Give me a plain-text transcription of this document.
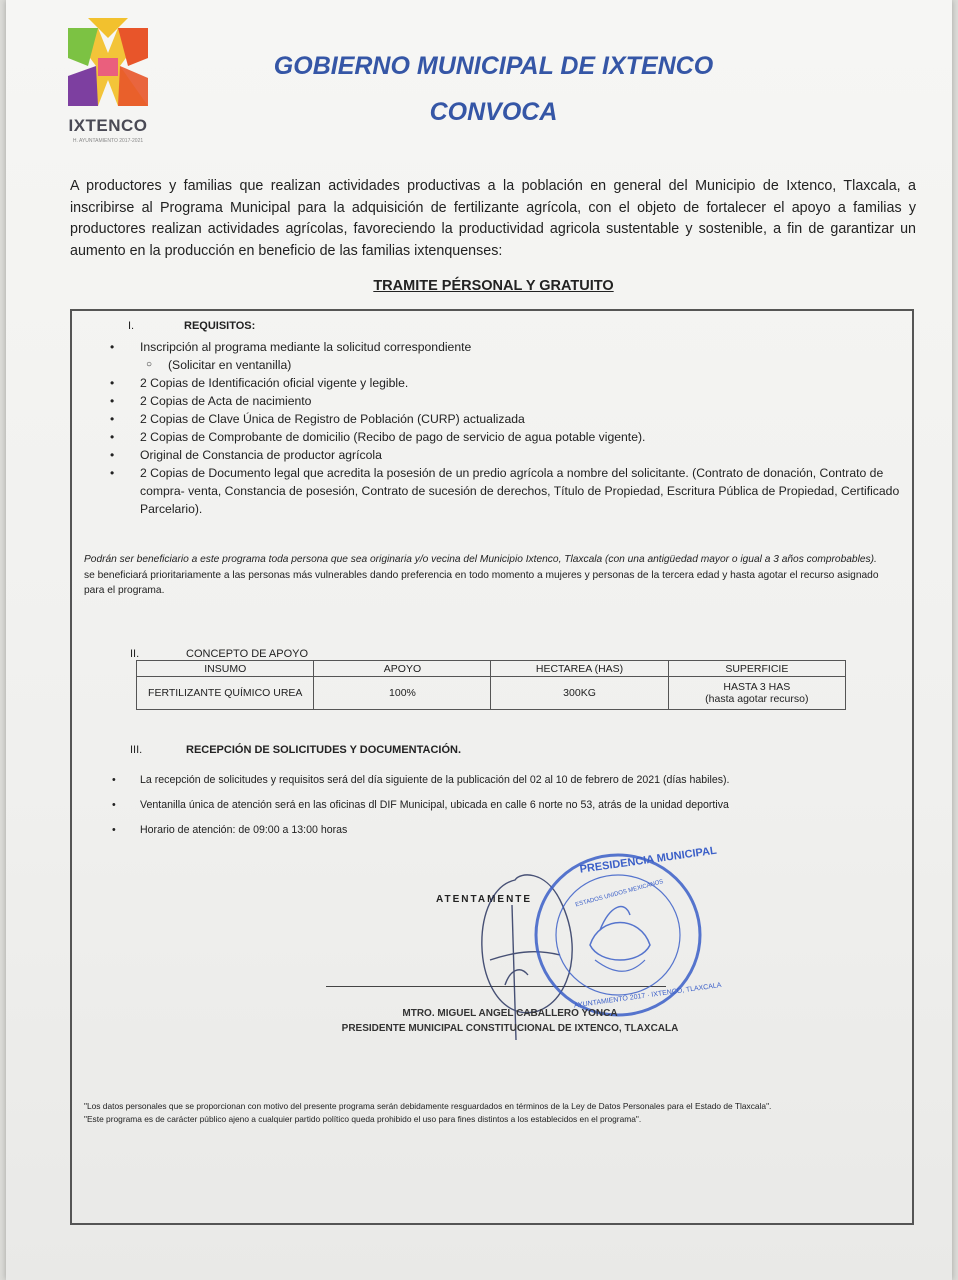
IXTENCO
H. AYUNTAMIENTO 2017-2021
GOBIERNO MUNICIPAL DE IXTENCO
CONVOCA
A productores y familias que realizan actividades productivas a la población en general del Municipio de Ixtenco, Tlaxcala, a inscribirse al Programa Municipal para la adquisición de fertilizante agrícola, con el objeto de fortalecer el apoyo a familias y productores realizan actividades agrícolas, favoreciendo la productividad agricola sustentable y sostenible, a fin de garantizar un aumento en la producción en beneficio de las familias ixtenquenses:
TRAMITE PÉRSONAL Y GRATUITO
I.	REQUISITOS:
• Inscripción al programa mediante la solicitud correspondiente
○ (Solicitar en ventanilla)
• 2 Copias de Identificación oficial vigente y legible.
• 2 Copias de Acta de nacimiento
• 2 Copias de Clave Única de Registro de Población (CURP) actualizada
• 2 Copias de Comprobante de domicilio (Recibo de pago de servicio de agua potable vigente).
• Original de Constancia de productor agrícola
• 2 Copias de Documento legal que acredita la posesión de un predio agrícola a nombre del solicitante. (Contrato de donación, Contrato de compra- venta, Constancia de posesión, Contrato de sucesión de derechos, Título de Propiedad, Escritura Pública de Propiedad, Certificado Parcelario).
Podrán ser beneficiario a este programa toda persona que sea originaria y/o vecina del Municipio Ixtenco, Tlaxcala (con una antigüedad mayor o igual a 3 años comprobables).
se beneficiará prioritariamente a las personas más vulnerables dando preferencia en todo momento a mujeres y personas de la tercera edad y hasta agotar el recurso asignado para el programa.
II.	CONCEPTO DE APOYO
INSUMO	APOYO	HECTAREA (HAS)	SUPERFICIE
FERTILIZANTE QUÍMICO UREA	100%	300KG	HASTA 3 HAS
(hasta agotar recurso)
III.	RECEPCIÓN DE SOLICITUDES Y DOCUMENTACIÓN.
• La recepción de solicitudes y requisitos será del día siguiente de la publicación del 02 al 10 de febrero de 2021 (días habiles).
• Ventanilla única de atención será en las oficinas dl DIF Municipal, ubicada en calle 6 norte no 53, atrás de la unidad deportiva
• Horario de atención: de 09:00 a 13:00 horas
ATENTAMENTE
PRESIDENCIA MUNICIPAL
ESTADOS UNIDOS MEXICANOS
AYUNTAMIENTO 2017 · IXTENCO, TLAXCALA
MTRO. MIGUEL ANGEL CABALLERO YONCA
PRESIDENTE MUNICIPAL CONSTITUCIONAL DE IXTENCO, TLAXCALA
"Los datos personales que se proporcionan con motivo del presente programa serán debidamente resguardados en términos de la Ley de Datos Personales para el Estado de Tlaxcala".
"Este programa es de carácter público ajeno a cualquier partido político queda prohibido el uso para fines distintos a los establecidos en el programa".
